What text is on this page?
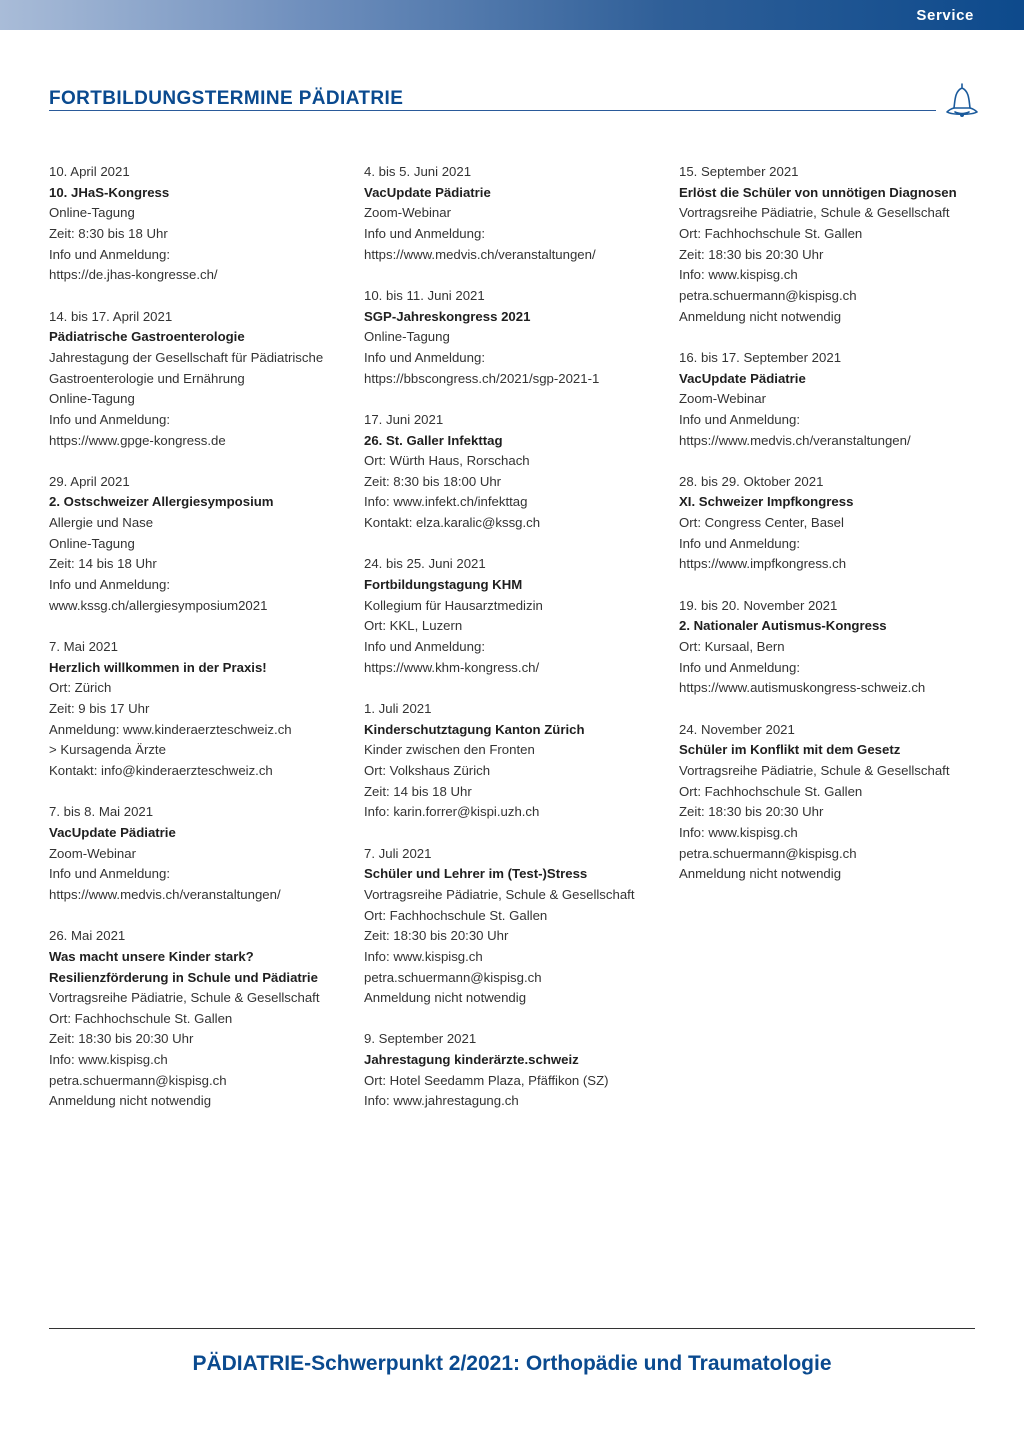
Service
FORTBILDUNGSTERMINE PÄDIATRIE
10. April 2021
10. JHaS-Kongress
Online-Tagung
Zeit: 8:30 bis 18 Uhr
Info und Anmeldung:
https://de.jhas-kongresse.ch/
14. bis 17. April 2021
Pädiatrische Gastroenterologie
Jahrestagung der Gesellschaft für Pädiatrische
Gastroenterologie und Ernährung
Online-Tagung
Info und Anmeldung:
https://www.gpge-kongress.de
29. April 2021
2. Ostschweizer Allergiesymposium
Allergie und Nase
Online-Tagung
Zeit: 14 bis 18 Uhr
Info und Anmeldung:
www.kssg.ch/allergiesymposium2021
7. Mai 2021
Herzlich willkommen in der Praxis!
Ort: Zürich
Zeit: 9 bis 17 Uhr
Anmeldung: www.kinderaerzteschweiz.ch
> Kursagenda Ärzte
Kontakt: info@kinderaerzteschweiz.ch
7. bis 8. Mai 2021
VacUpdate Pädiatrie
Zoom-Webinar
Info und Anmeldung:
https://www.medvis.ch/veranstaltungen/
26. Mai 2021
Was macht unsere Kinder stark?
Resilienzförderung in Schule und Pädiatrie
Vortragsreihe Pädiatrie, Schule & Gesellschaft
Ort: Fachhochschule St. Gallen
Zeit: 18:30 bis 20:30 Uhr
Info: www.kispisg.ch
petra.schuermann@kispisg.ch
Anmeldung nicht notwendig
4. bis 5. Juni 2021
VacUpdate Pädiatrie
Zoom-Webinar
Info und Anmeldung:
https://www.medvis.ch/veranstaltungen/
10. bis 11. Juni 2021
SGP-Jahreskongress 2021
Online-Tagung
Info und Anmeldung:
https://bbscongress.ch/2021/sgp-2021-1
17. Juni 2021
26. St. Galler Infekttag
Ort: Würth Haus, Rorschach
Zeit: 8:30 bis 18:00 Uhr
Info: www.infekt.ch/infekttag
Kontakt: elza.karalic@kssg.ch
24. bis 25. Juni 2021
Fortbildungstagung KHM
Kollegium für Hausarztmedizin
Ort: KKL, Luzern
Info und Anmeldung:
https://www.khm-kongress.ch/
1. Juli 2021
Kinderschutztagung Kanton Zürich
Kinder zwischen den Fronten
Ort: Volkshaus Zürich
Zeit: 14 bis 18 Uhr
Info: karin.forrer@kispi.uzh.ch
7. Juli 2021
Schüler und Lehrer im (Test-)Stress
Vortragsreihe Pädiatrie, Schule & Gesellschaft
Ort: Fachhochschule St. Gallen
Zeit: 18:30 bis 20:30 Uhr
Info: www.kispisg.ch
petra.schuermann@kispisg.ch
Anmeldung nicht notwendig
9. September 2021
Jahrestagung kinderärzte.schweiz
Ort: Hotel Seedamm Plaza, Pfäffikon (SZ)
Info: www.jahrestagung.ch
15. September 2021
Erlöst die Schüler von unnötigen Diagnosen
Vortragsreihe Pädiatrie, Schule & Gesellschaft
Ort: Fachhochschule St. Gallen
Zeit: 18:30 bis 20:30 Uhr
Info: www.kispisg.ch
petra.schuermann@kispisg.ch
Anmeldung nicht notwendig
16. bis 17. September 2021
VacUpdate Pädiatrie
Zoom-Webinar
Info und Anmeldung:
https://www.medvis.ch/veranstaltungen/
28. bis 29. Oktober 2021
XI. Schweizer Impfkongress
Ort: Congress Center, Basel
Info und Anmeldung:
https://www.impfkongress.ch
19. bis 20. November 2021
2. Nationaler Autismus-Kongress
Ort: Kursaal, Bern
Info und Anmeldung:
https://www.autismuskongress-schweiz.ch
24. November 2021
Schüler im Konflikt mit dem Gesetz
Vortragsreihe Pädiatrie, Schule & Gesellschaft
Ort: Fachhochschule St. Gallen
Zeit: 18:30 bis 20:30 Uhr
Info: www.kispisg.ch
petra.schuermann@kispisg.ch
Anmeldung nicht notwendig
PÄDIATRIE-Schwerpunkt 2/2021: Orthopädie und Traumatologie
